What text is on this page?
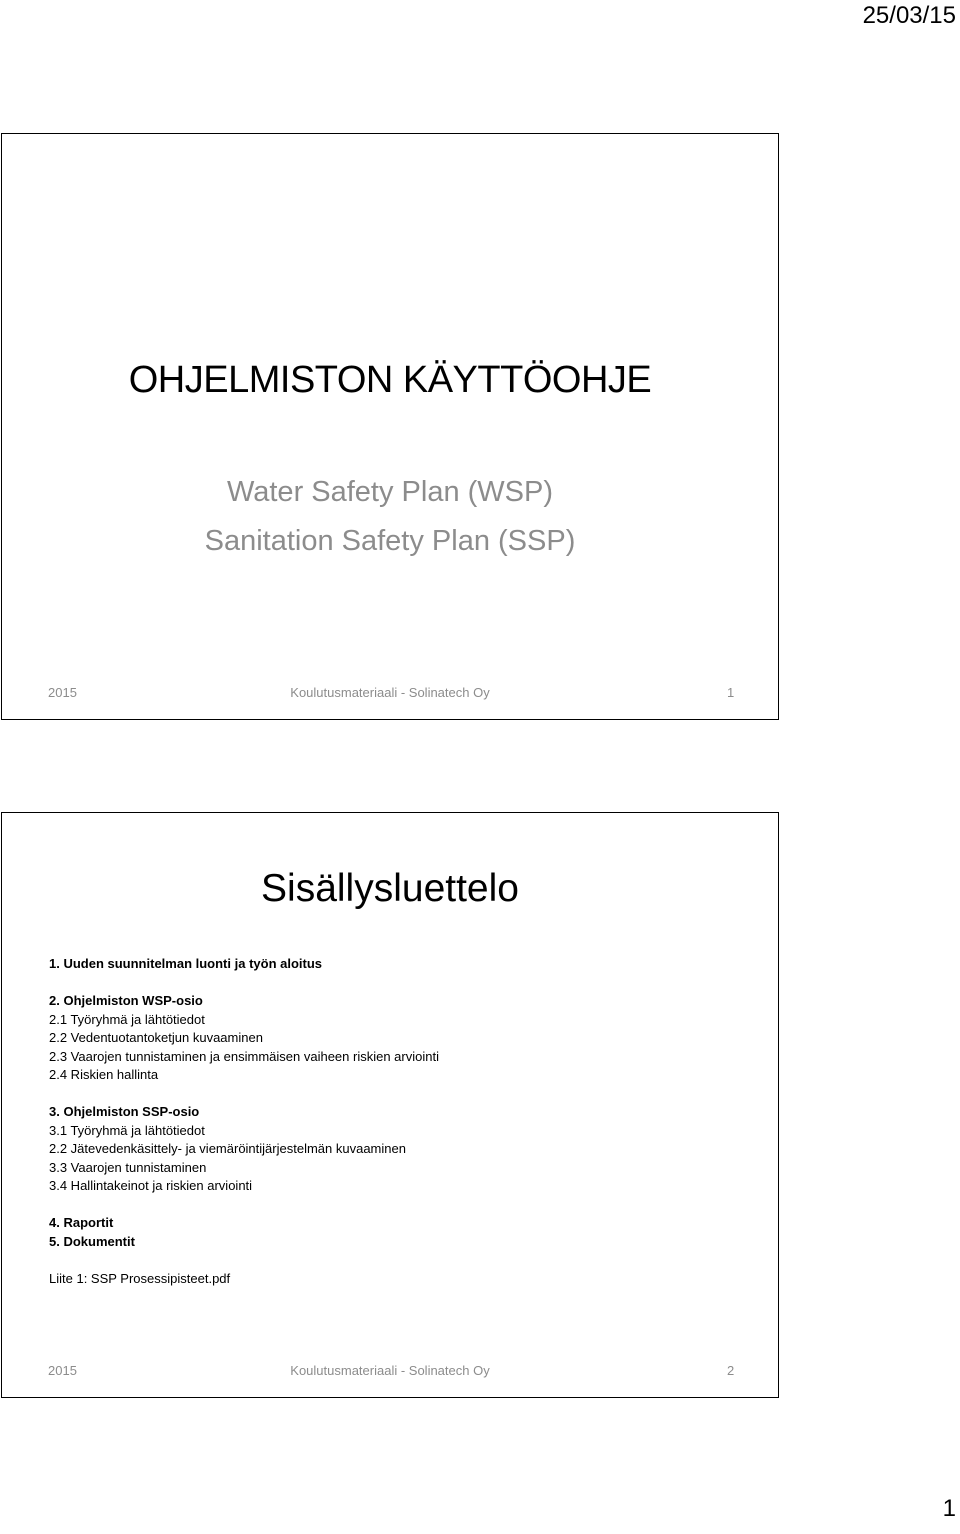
25/03/15
OHJELMISTON KÄYTTÖOHJE
Water Safety Plan (WSP)
Sanitation Safety Plan (SSP)
2015	Koulutusmateriaali - Solinatech Oy	1
Sisällysluettelo
1. Uuden suunnitelman luonti ja työn aloitus
2. Ohjelmiston WSP-osio
2.1 Työryhmä ja lähtötiedot
2.2 Vedentuotantoketjun kuvaaminen
2.3 Vaarojen tunnistaminen ja ensimmäisen vaiheen riskien arviointi
2.4 Riskien hallinta
3. Ohjelmiston SSP-osio
3.1 Työryhmä ja lähtötiedot
2.2 Jätevedenkäsittely- ja viemäröintijärjestelmän kuvaaminen
3.3 Vaarojen tunnistaminen
3.4 Hallintakeinot ja riskien arviointi
4. Raportit
5. Dokumentit
Liite 1: SSP Prosessipisteet.pdf
2015	Koulutusmateriaali - Solinatech Oy	2
1
